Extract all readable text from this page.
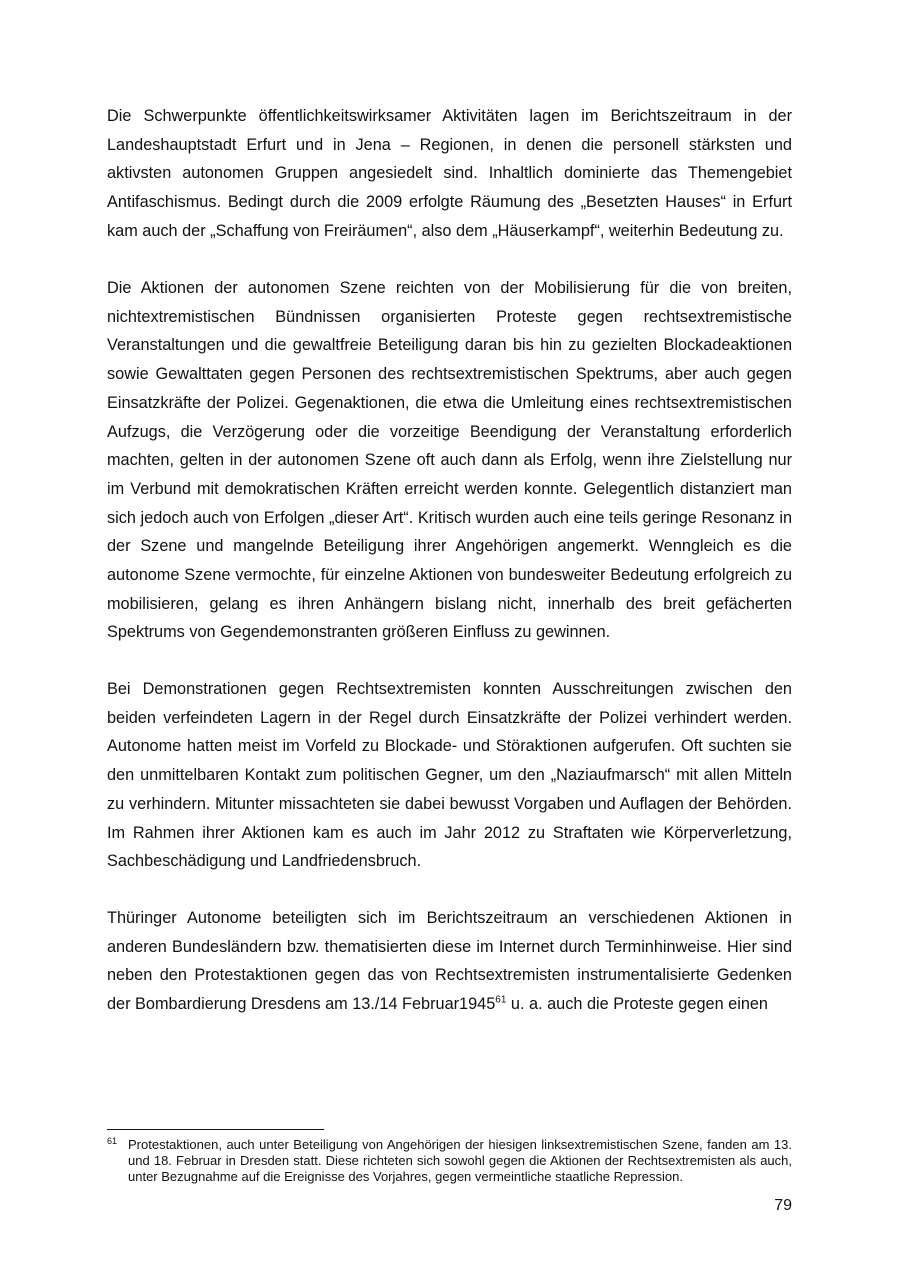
Die Schwerpunkte öffentlichkeitswirksamer Aktivitäten lagen im Berichtszeitraum in der Landeshauptstadt Erfurt und in Jena – Regionen, in denen die personell stärksten und aktivsten autonomen Gruppen angesiedelt sind. Inhaltlich dominierte das Themengebiet Antifaschismus. Bedingt durch die 2009 erfolgte Räumung des „Besetzten Hauses“ in Erfurt kam auch der „Schaffung von Freiräumen“, also dem „Häuserkampf“, weiterhin Bedeutung zu.

Die Aktionen der autonomen Szene reichten von der Mobilisierung für die von breiten, nichtextremistischen Bündnissen organisierten Proteste gegen rechtsextremistische Veranstaltungen und die gewaltfreie Beteiligung daran bis hin zu gezielten Blockadeaktionen sowie Gewalttaten gegen Personen des rechtsextremistischen Spektrums, aber auch gegen Einsatzkräfte der Polizei. Gegenaktionen, die etwa die Umleitung eines rechtsextremistischen Aufzugs, die Verzögerung oder die vorzeitige Beendigung der Veranstaltung erforderlich machten, gelten in der autonomen Szene oft auch dann als Erfolg, wenn ihre Zielstellung nur im Verbund mit demokratischen Kräften erreicht werden konnte. Gelegentlich distanziert man sich jedoch auch von Erfolgen „dieser Art“. Kritisch wurden auch eine teils geringe Resonanz in der Szene und mangelnde Beteiligung ihrer Angehörigen angemerkt. Wenngleich es die autonome Szene vermochte, für einzelne Aktionen von bundesweiter Bedeutung erfolgreich zu mobilisieren, gelang es ihren Anhängern bislang nicht, innerhalb des breit gefächerten Spektrums von Gegendemonstranten größeren Einfluss zu gewinnen.

Bei Demonstrationen gegen Rechtsextremisten konnten Ausschreitungen zwischen den beiden verfeindeten Lagern in der Regel durch Einsatzkräfte der Polizei verhindert werden. Autonome hatten meist im Vorfeld zu Blockade- und Störaktionen aufgerufen. Oft suchten sie den unmittelbaren Kontakt zum politischen Gegner, um den „Naziaufmarsch“ mit allen Mitteln zu verhindern. Mitunter missachteten sie dabei bewusst Vorgaben und Auflagen der Behörden. Im Rahmen ihrer Aktionen kam es auch im Jahr 2012 zu Straftaten wie Körperverletzung, Sachbeschädigung und Landfriedensbruch.

Thüringer Autonome beteiligten sich im Berichtszeitraum an verschiedenen Aktionen in anderen Bundesländern bzw. thematisierten diese im Internet durch Terminhinweise. Hier sind neben den Protestaktionen gegen das von Rechtsextremisten instrumentalisierte Gedenken der Bombardierung Dresdens am 13./14 Februar1945$^{61}$ u. a. auch die Proteste gegen einen

61 Protestaktionen, auch unter Beteiligung von Angehörigen der hiesigen linksextremistischen Szene, fanden am 13. und 18. Februar in Dresden statt. Diese richteten sich sowohl gegen die Aktionen der Rechtsextremisten als auch, unter Bezugnahme auf die Ereignisse des Vorjahres, gegen vermeintliche staatliche Repression.
79
